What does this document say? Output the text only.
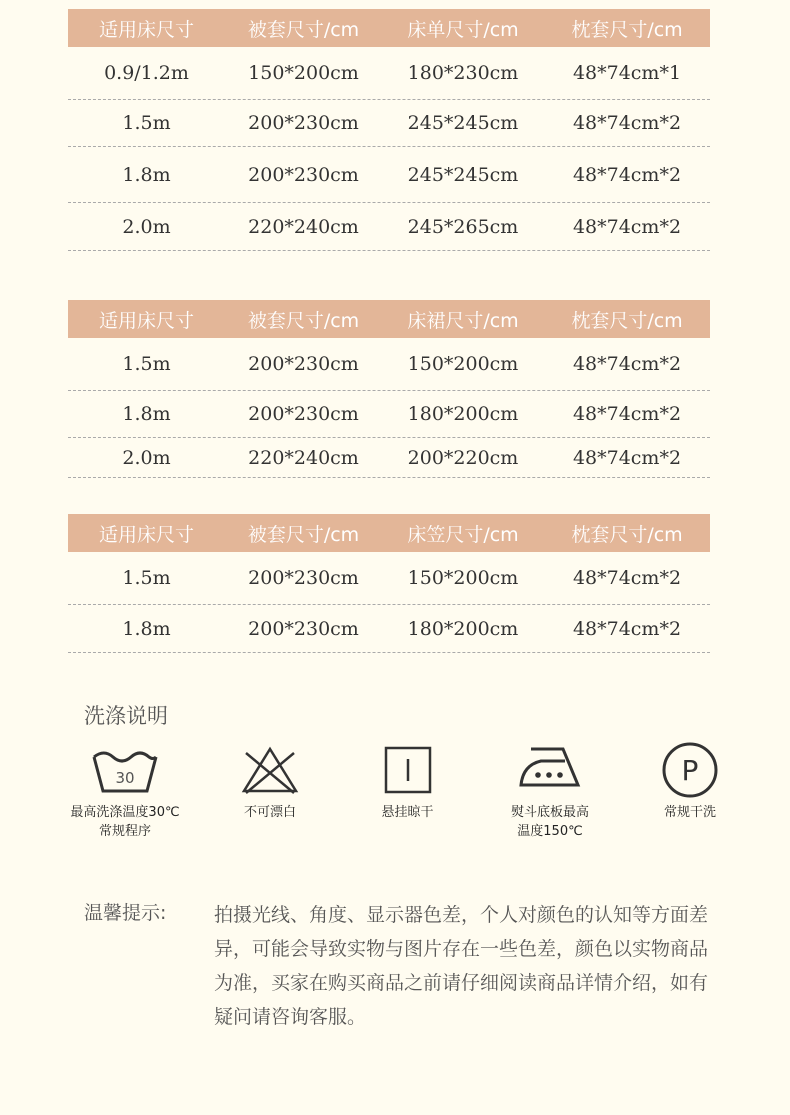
适用床尺寸	被套尺寸/cm	床单尺寸/cm	枕套尺寸/cm
0.9/1.2m	150*200cm	180*230cm	48*74cm*1
1.5m	200*230cm	245*245cm	48*74cm*2
1.8m	200*230cm	245*245cm	48*74cm*2
2.0m	220*240cm	245*265cm	48*74cm*2
适用床尺寸	被套尺寸/cm	床裙尺寸/cm	枕套尺寸/cm
1.5m	200*230cm	150*200cm	48*74cm*2
1.8m	200*230cm	180*200cm	48*74cm*2
2.0m	220*240cm	200*220cm	48*74cm*2
适用床尺寸	被套尺寸/cm	床笠尺寸/cm	枕套尺寸/cm
1.5m	200*230cm	150*200cm	48*74cm*2
1.8m	200*230cm	180*200cm	48*74cm*2
洗涤说明
30
最高洗涤温度30℃
常规程序
不可漂白	悬挂晾干	熨斗底板最高
温度150℃
P
常规干洗
温馨提示:	拍摄光线、角度、显示器色差，个人对颜色的认知等方面差异，可能会导致实物与图片存在一些色差，颜色以实物商品为准，买家在购买商品之前请仔细阅读商品详情介绍，如有疑问请咨询客服。
